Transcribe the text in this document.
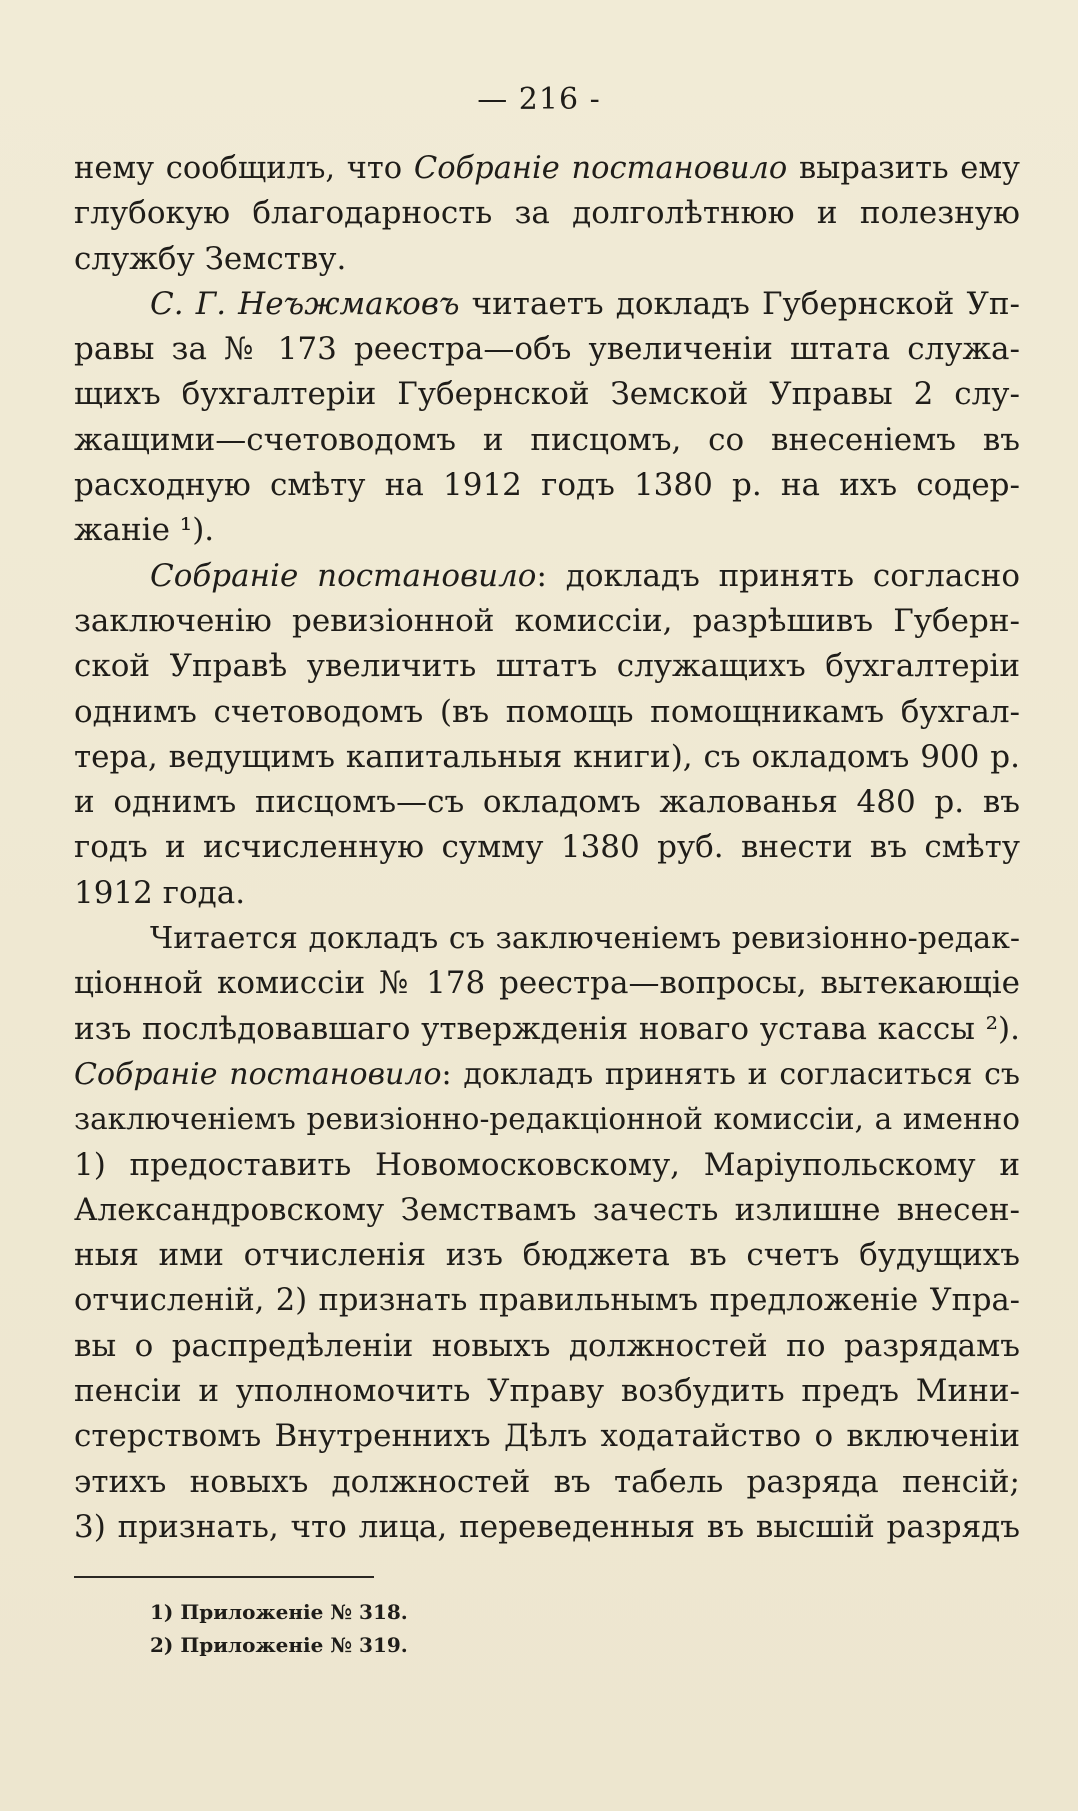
— 216 -
нему сообщилъ, что Собраніе постановило выразить ему
глубокую благодарность за долголѣтнюю и полезную
службу Земству.
С. Г. Неъжмаковъ читаетъ докладъ Губернской Уп-
равы за № 173 реестра—объ увеличеніи штата служа-
щихъ бухгалтеріи Губернской Земской Управы 2 слу-
жащими—счетоводомъ и писцомъ, со внесеніемъ въ
расходную смѣту на 1912 годъ 1380 р. на ихъ содер-
жаніе ¹).
Собраніе постановило: докладъ принять согласно
заключенію ревизіонной комиссіи, разрѣшивъ Губерн-
ской Управѣ увеличить штатъ служащихъ бухгалтеріи
однимъ счетоводомъ (въ помощь помощникамъ бухгал-
тера, ведущимъ капитальныя книги), съ окладомъ 900 р.
и однимъ писцомъ—съ окладомъ жалованья 480 р. въ
годъ и исчисленную сумму 1380 руб. внести въ смѣту
1912 года.
Читается докладъ съ заключеніемъ ревизіонно-редак-
ціонной комиссіи № 178 реестра—вопросы, вытекающіе
изъ послѣдовавшаго утвержденія новаго устава кассы ²).
Собраніе постановило: докладъ принять и согласиться съ
заключеніемъ ревизіонно-редакціонной комиссіи, а именно
1) предоставить Новомосковскому, Маріупольскому и
Александровскому Земствамъ зачесть излишне внесен-
ныя ими отчисленія изъ бюджета въ счетъ будущихъ
отчисленій, 2) признать правильнымъ предложеніе Упра-
вы о распредѣленіи новыхъ должностей по разрядамъ
пенсіи и уполномочить Управу возбудить предъ Мини-
стерствомъ Внутреннихъ Дѣлъ ходатайство о включеніи
этихъ новыхъ должностей въ табель разряда пенсій;
3) признать, что лица, переведенныя въ высшій разрядъ
1) Приложеніе № 318.
2) Приложеніе № 319.
